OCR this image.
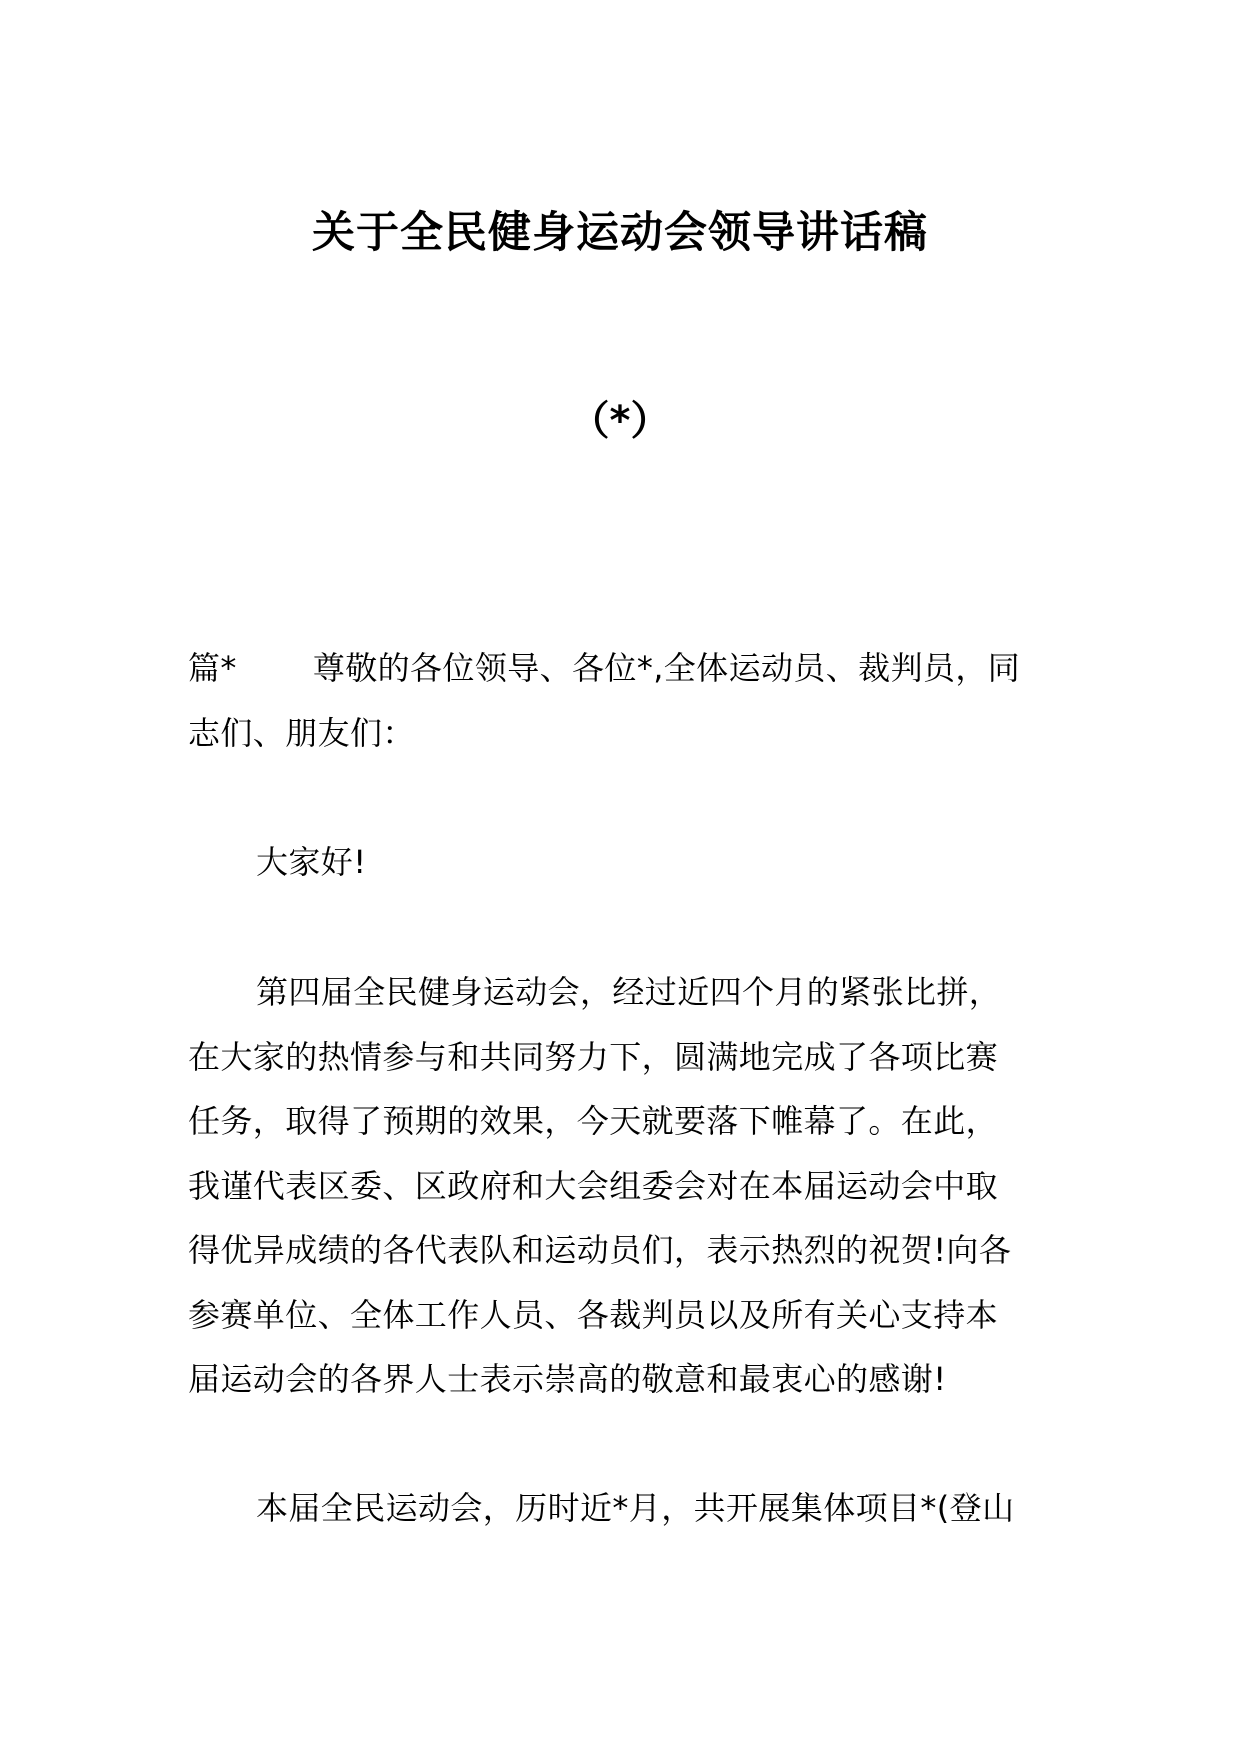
关于全民健身运动会领导讲话稿
（*）
篇* 尊敬的各位领导、各位*,全体运动员、裁判员，同
志们、朋友们：
大家好!
第四届全民健身运动会，经过近四个月的紧张比拼，
在大家的热情参与和共同努力下，圆满地完成了各项比赛
任务，取得了预期的效果，今天就要落下帷幕了。在此，
我谨代表区委、区政府和大会组委会对在本届运动会中取
得优异成绩的各代表队和运动员们，表示热烈的祝贺!向各
参赛单位、全体工作人员、各裁判员以及所有关心支持本
届运动会的各界人士表示崇高的敬意和最衷心的感谢!
本届全民运动会，历时近*月，共开展集体项目*(登山
